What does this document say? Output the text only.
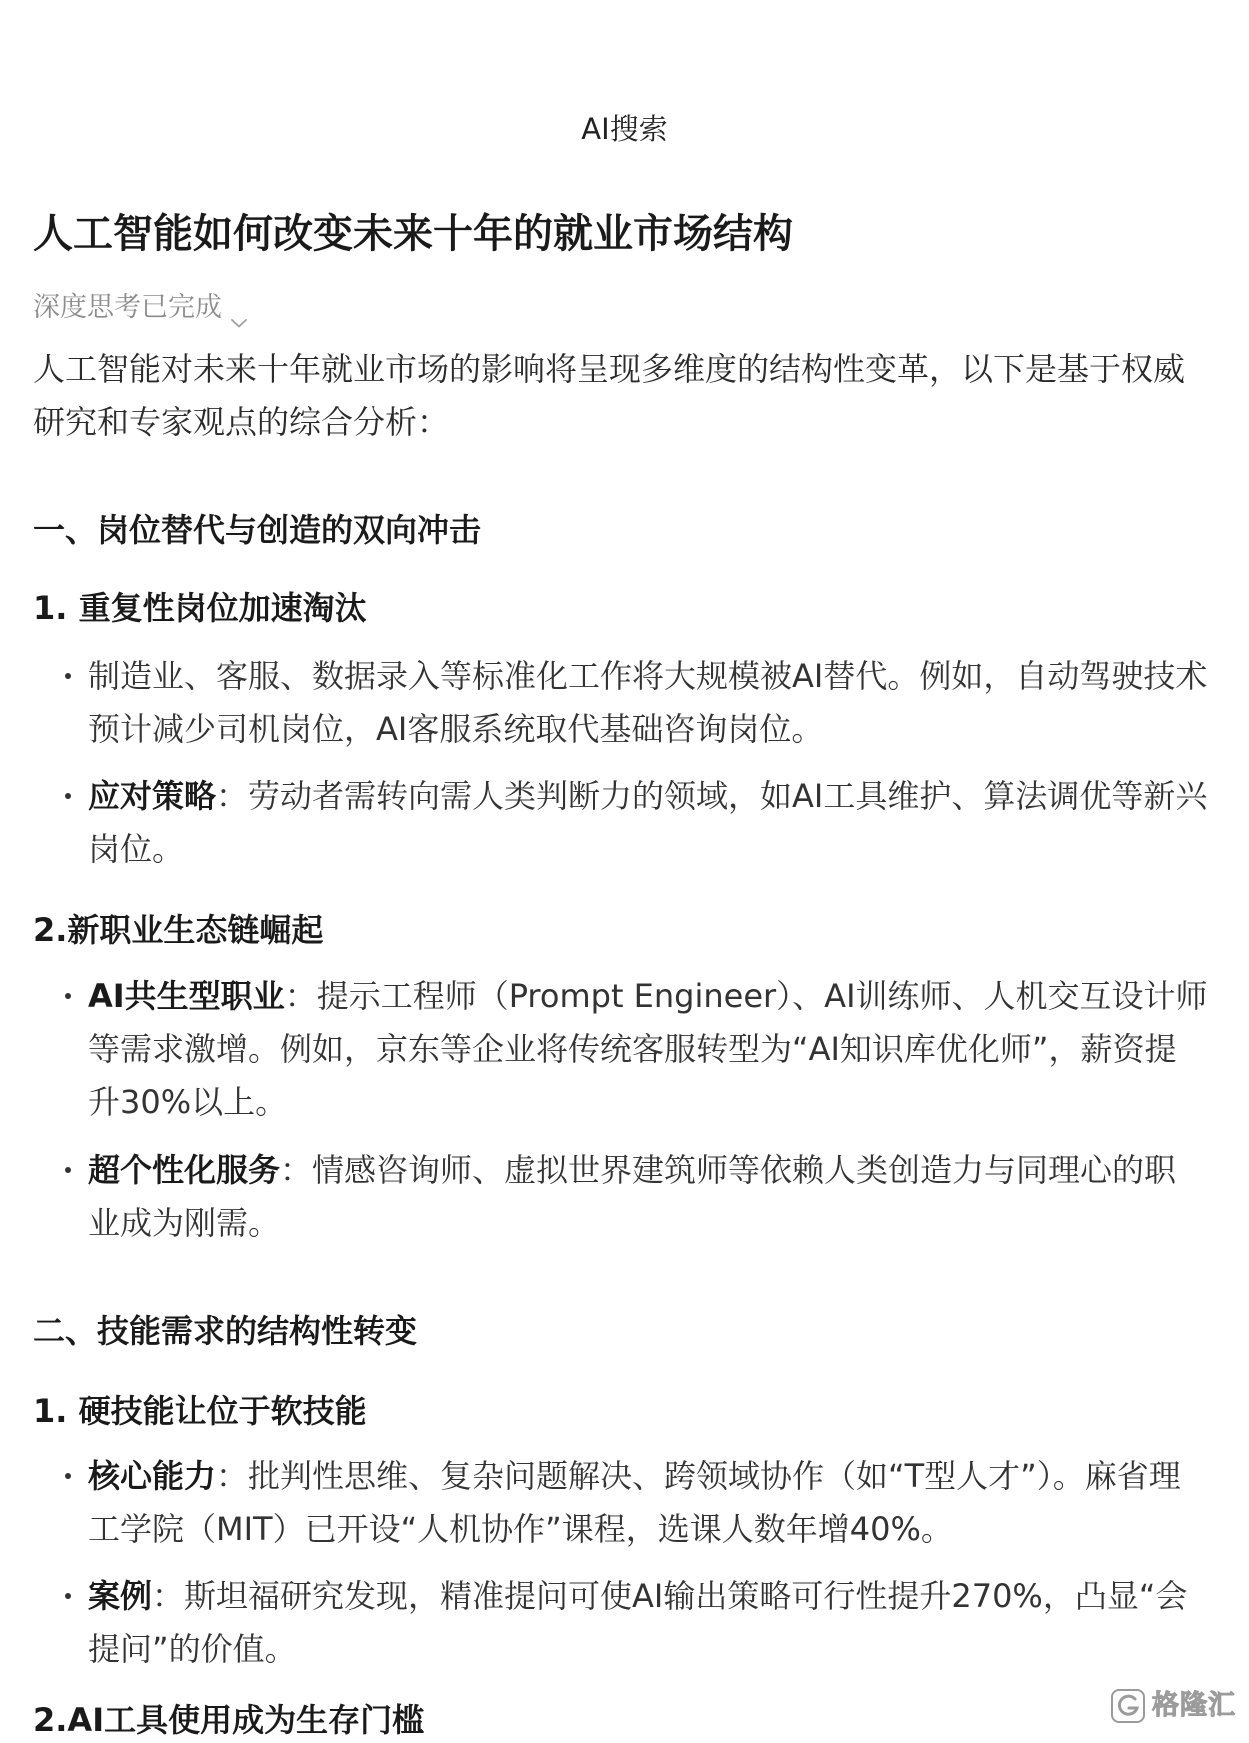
AI搜索
人工智能如何改变未来十年的就业市场结构
深度思考已完成
人工智能对未来十年就业市场的影响将呈现多维度的结构性变革，以下是基于权威研究和专家观点的综合分析：
一、岗位替代与创造的双向冲击
1. 重复性岗位加速淘汰
制造业、客服、数据录入等标准化工作将大规模被AI替代。例如，自动驾驶技术预计减少司机岗位，AI客服系统取代基础咨询岗位。
应对策略：劳动者需转向需人类判断力的领域，如AI工具维护、算法调优等新兴岗位。
2.新职业生态链崛起
AI共生型职业：提示工程师（Prompt Engineer）、AI训练师、人机交互设计师等需求激增。例如，京东等企业将传统客服转型为“AI知识库优化师”，薪资提升30%以上。
超个性化服务：情感咨询师、虚拟世界建筑师等依赖人类创造力与同理心的职业成为刚需。
二、技能需求的结构性转变
1. 硬技能让位于软技能
核心能力：批判性思维、复杂问题解决、跨领域协作（如“T型人才”）。麻省理工学院（MIT）已开设“人机协作”课程，选课人数年增40%。
案例：斯坦福研究发现，精准提问可使AI输出策略可行性提升270%，凸显“会提问”的价值。
2.AI工具使用成为生存门槛	格隆汇
